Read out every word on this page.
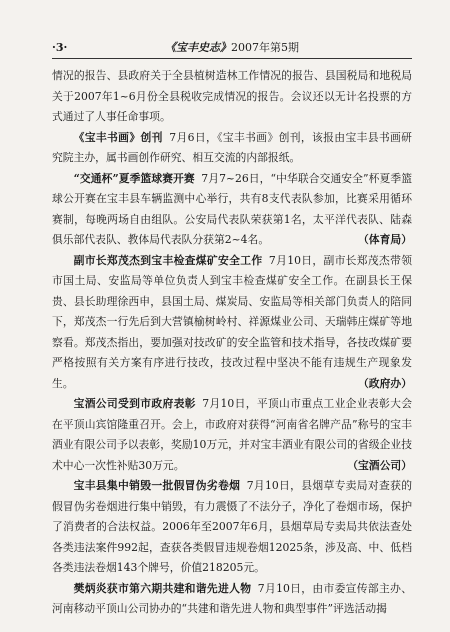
·3·	《宝丰史志》2007年第5期

情况的报告、县政府关于全县植树造林工作情况的报告、县国税局和地税局关于2007年1~6月份全县税收完成情况的报告。会议还以无计名投票的方式通过了人事任命事项。

《宝丰书画》创刊 7月6日，《宝丰书画》创刊，该报由宝丰县书画研究院主办，属书画创作研究、相互交流的内部报纸。

“交通杯”夏季篮球赛开赛 7月7~26日，“中华联合交通安全”杯夏季篮球公开赛在宝丰县车辆监测中心举行，共有8支代表队参加，比赛采用循环赛制，每晚两场自由组队。公安局代表队荣获第1名，太平洋代表队、陆森俱乐部代表队、教体局代表队分获第2~4名。	（体育局）

副市长郑茂杰到宝丰检查煤矿安全工作 7月10日，副市长郑茂杰带领市国土局、安监局等单位负责人到宝丰检查煤矿安全工作。在副县长王保贵、县长助理徐西申，县国土局、煤炭局、安监局等相关部门负责人的陪同下，郑茂杰一行先后到大营镇榆树岭村、祥源煤业公司、天瑞韩庄煤矿等地察看。郑茂杰指出，要加强对技改矿的安全监管和技术指导，各技改煤矿要严格按照有关方案有序进行技改，技改过程中坚决不能有违规生产现象发生。	（政府办）

宝酒公司受到市政府表彰 7月10日，平顶山市重点工业企业表彰大会在平顶山宾馆隆重召开。会上，市政府对获得“河南省名牌产品”称号的宝丰酒业有限公司予以表彰，奖励10万元，并对宝丰酒业有限公司的省级企业技术中心一次性补贴30万元。	（宝酒公司）

宝丰县集中销毁一批假冒伪劣卷烟 7月10日，县烟草专卖局对查获的假冒伪劣卷烟进行集中销毁，有力震慑了不法分子，净化了卷烟市场，保护了消费者的合法权益。2006年至2007年6月，县烟草局专卖局共依法查处各类违法案件992起，查获各类假冒违规卷烟12025条，涉及高、中、低档各类违法卷烟143个牌号，价值218205元。

樊炳炎获市第六期共建和谐先进人物 7月10日，由市委宣传部主办、河南移动平顶山公司协办的“共建和谐先进人物和典型事件”评选活动揭
